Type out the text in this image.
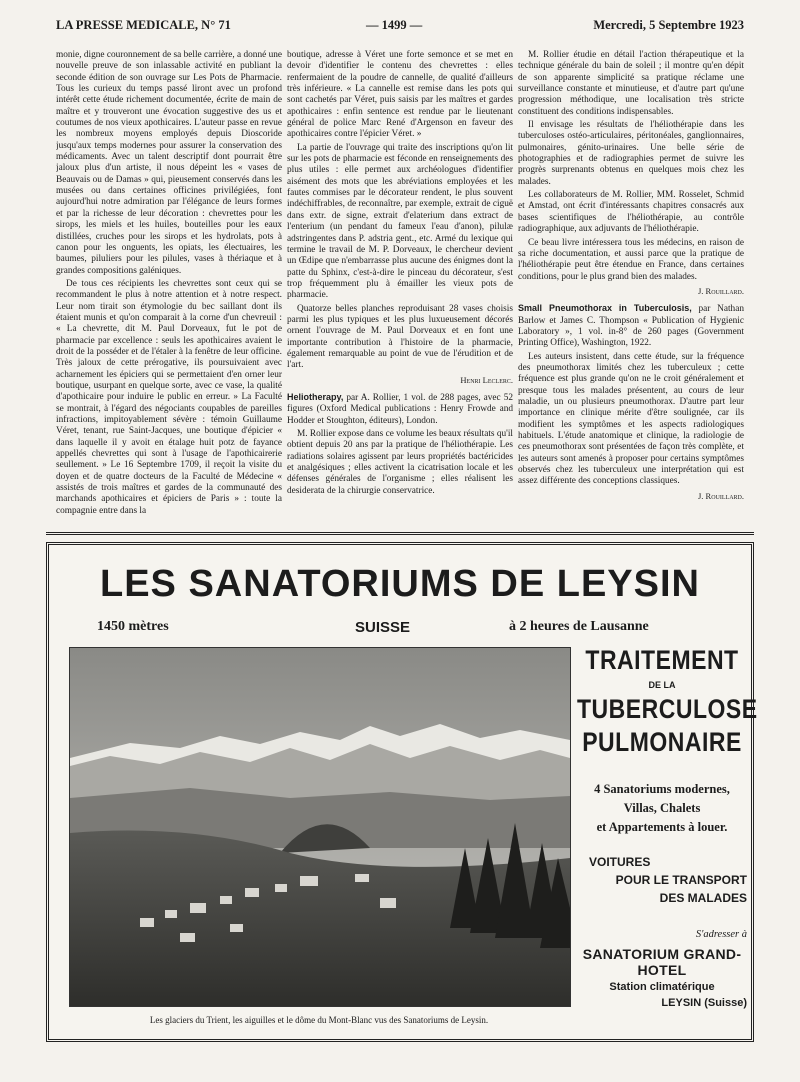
LA PRESSE MEDICALE, N° 71	— 1499 —	Mercredi, 5 Septembre 1923

monie, digne couronnement de sa belle carrière, a donné une nouvelle preuve de son inlassable activité en publiant la seconde édition de son ouvrage sur Les Pots de Pharmacie. Tous les curieux du temps passé liront avec un profond intérêt cette étude richement documentée, écrite de main de maître et y trouveront une évocation suggestive des us et coutumes de nos vieux apothicaires. L'auteur passe en revue les nombreux moyens employés depuis Dioscoride jusqu'aux temps modernes pour assurer la conservation des médicaments. Avec un talent descriptif dont pourrait être jaloux plus d'un artiste, il nous dépeint les « vases de Beauvais ou de Damas » qui, pieusement conservés dans les musées ou dans certaines officines privilégiées, font aujourd'hui notre admiration par l'élégance de leurs formes et par la richesse de leur décoration : chevrettes pour les sirops, les miels et les huiles, bouteilles pour les eaux distillées, cruches pour les sirops et les hydrolats, pots à canon pour les onguents, les opiats, les électuaires, les baumes, piluliers pour les pilules, vases à thériaque et à grandes compositions galéniques.

De tous ces récipients les chevrettes sont ceux qui se recommandent le plus à notre attention et à notre respect. Leur nom tirait son étymologie du bec saillant dont ils étaient munis et qu'on comparait à la corne d'un chevreuil : « La chevrette, dit M. Paul Dorveaux, fut le pot de pharmacie par excellence : seuls les apothicaires avaient le droit de la posséder et de l'étaler à la fenêtre de leur officine. Très jaloux de cette prérogative, ils poursuivaient avec acharnement les épiciers qui se permettaient d'en orner leur boutique, usurpant en quelque sorte, avec ce vase, la qualité d'apothicaire pour induire le public en erreur. » La Faculté se montrait, à l'égard des négociants coupables de pareilles infractions, impitoyablement sévère : témoin Guillaume Véret, tenant, rue Saint-Jacques, une boutique d'épicier « dans laquelle il y avoit en étalage huit potz de fayance appellés chevrettes qui sont à l'usage de l'apothicairerie seullement. » Le 16 Septembre 1709, il reçoit la visite du doyen et de quatre docteurs de la Faculté de Médecine « assistés de trois maîtres et gardes de la communauté des marchands apothicaires et épiciers de Paris » : toute la compagnie entre dans la

boutique, adresse à Véret une forte semonce et se met en devoir d'identifier le contenu des chevrettes : elles renfermaient de la poudre de cannelle, de qualité d'ailleurs très inférieure. « La cannelle est remise dans les pots qui sont cachetés par Véret, puis saisis par les maîtres et gardes apothicaires : enfin sentence est rendue par le lieutenant général de police Marc René d'Argenson en faveur des apothicaires contre l'épicier Véret. »

La partie de l'ouvrage qui traite des inscriptions qu'on lit sur les pots de pharmacie est féconde en renseignements des plus utiles : elle permet aux archéologues d'identifier aisément des mots que les abréviations employées et les fautes commises par le décorateur rendent, le plus souvent indéchiffrables, de reconnaître, par exemple, extrait de ciguë dans extr. de signe, extrait d'elaterium dans extract de l'enterium (un pendant du fameux l'eau d'anon), pilulæ adstringentes dans P. adstria gent., etc. Armé du lexique qui termine le travail de M. P. Dorveaux, le chercheur devient un Œdipe que n'embarrasse plus aucune des énigmes dont la patte du Sphinx, c'est-à-dire le pinceau du décorateur, s'est trop fréquemment plu à émailler les vieux pots de pharmacie.

Quatorze belles planches reproduisant 28 vases choisis parmi les plus typiques et les plus luxueusement décorés ornent l'ouvrage de M. Paul Dorveaux et en font une importante contribution à l'histoire de la pharmacie, également remarquable au point de vue de l'érudition et de l'art.

Henri Leclerc.

Heliotherapy, par A. Rollier, 1 vol. de 288 pages, avec 52 figures (Oxford Medical publications : Henry Frowde and Hodder et Stoughton, éditeurs), London.

M. Rollier expose dans ce volume les beaux résultats qu'il obtient depuis 20 ans par la pratique de l'héliothérapie. Les radiations solaires agissent par leurs propriétés bactéricides et analgésiques ; elles activent la cicatrisation locale et les défenses générales de l'organisme ; elles réalisent les desiderata de la chirurgie conservatrice.

M. Rollier étudie en détail l'action thérapeutique et la technique générale du bain de soleil ; il montre qu'en dépit de son apparente simplicité sa pratique réclame une surveillance constante et minutieuse, et d'autre part qu'une progression méthodique, une localisation très stricte constituent des conditions indispensables.

Il envisage les résultats de l'héliothérapie dans les tuberculoses ostéo-articulaires, péritonéales, ganglionnaires, pulmonaires, génito-urinaires. Une belle série de photographies et de radiographies permet de suivre les progrès surprenants obtenus en quelques mois chez les malades.

Les collaborateurs de M. Rollier, MM. Rosselet, Schmid et Amstad, ont écrit d'intéressants chapitres consacrés aux bases scientifiques de l'héliothérapie, au contrôle radiographique, aux adjuvants de l'héliothérapie.

Ce beau livre intéressera tous les médecins, en raison de sa riche documentation, et aussi parce que la pratique de l'héliothérapie peut être étendue en France, dans certaines conditions, pour le plus grand bien des malades.

J. Rouillard.

Small Pneumothorax in Tuberculosis, par Nathan Barlow et James C. Thompson « Publication of Hygienic Laboratory », 1 vol. in-8° de 260 pages (Government Printing Office), Washington, 1922.

Les auteurs insistent, dans cette étude, sur la fréquence des pneumothorax limités chez les tuberculeux ; cette fréquence est plus grande qu'on ne le croit généralement et presque tous les malades présentent, au cours de leur maladie, un ou plusieurs pneumothorax. D'autre part leur importance en clinique mérite d'être soulignée, car ils modifient les symptômes et les aspects radiologiques habituels. L'étude anatomique et clinique, la radiologie de ces pneumothorax sont présentées de façon très complète, et les auteurs sont amenés à proposer pour certains symptômes observés chez les tuberculeux une interprétation qui est assez différente des conceptions classiques.

J. Rouillard.

LES SANATORIUMS DE LEYSIN
1450 mètres	SUISSE	à 2 heures de Lausanne
Les glaciers du Trient, les aiguilles et le dôme du Mont-Blanc vus des Sanatoriums de Leysin.
TRAITEMENT
DE LA
TUBERCULOSE
PULMONAIRE
4 Sanatoriums modernes,
Villas, Chalets
et Appartements à louer.
VOITURES
POUR LE TRANSPORT
DES MALADES
S'adresser à
SANATORIUM GRAND-HOTEL
Station climatérique
LEYSIN (Suisse)
